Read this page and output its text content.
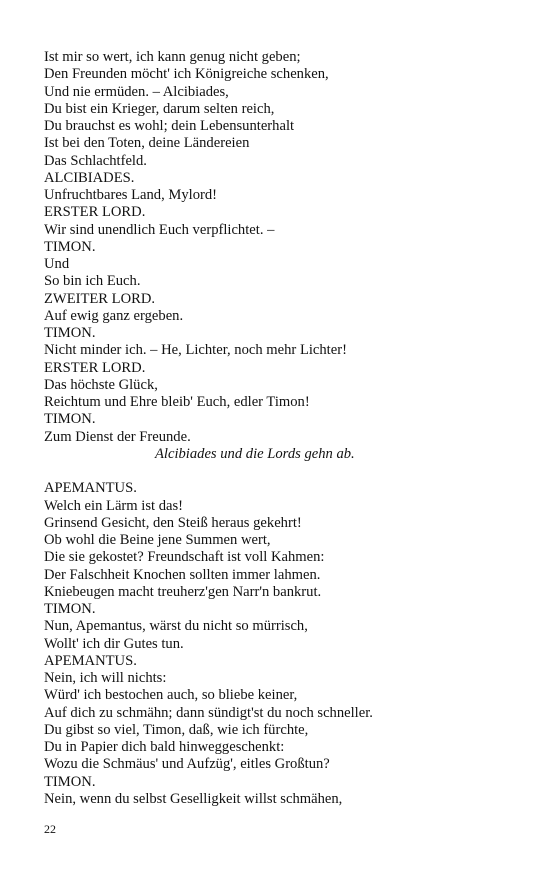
Ist mir so wert, ich kann genug nicht geben;
Den Freunden möcht' ich Königreiche schenken,
Und nie ermüden. – Alcibiades,
Du bist ein Krieger, darum selten reich,
Du brauchst es wohl; dein Lebensunterhalt
Ist bei den Toten, deine Ländereien
Das Schlachtfeld.
ALCIBIADES.
Unfruchtbares Land, Mylord!
ERSTER LORD.
Wir sind unendlich Euch verpflichtet. –
TIMON.
Und
So bin ich Euch.
ZWEITER LORD.
Auf ewig ganz ergeben.
TIMON.
Nicht minder ich. – He, Lichter, noch mehr Lichter!
ERSTER LORD.
Das höchste Glück,
Reichtum und Ehre bleib' Euch, edler Timon!
TIMON.
Zum Dienst der Freunde.
Alcibiades und die Lords gehn ab.
APEMANTUS.
Welch ein Lärm ist das!
Grinsend Gesicht, den Steiß heraus gekehrt!
Ob wohl die Beine jene Summen wert,
Die sie gekostet? Freundschaft ist voll Kahmen:
Der Falschheit Knochen sollten immer lahmen.
Kniebeugen macht treuherz'gen Narr'n bankrut.
TIMON.
Nun, Apemantus, wärst du nicht so mürrisch,
Wollt' ich dir Gutes tun.
APEMANTUS.
Nein, ich will nichts:
Würd' ich bestochen auch, so bliebe keiner,
Auf dich zu schmähn; dann sündigt'st du noch schneller.
Du gibst so viel, Timon, daß, wie ich fürchte,
Du in Papier dich bald hinweggeschenkt:
Wozu die Schmäus' und Aufzüg', eitles Großtun?
TIMON.
Nein, wenn du selbst Geselligkeit willst schmähen,
22
